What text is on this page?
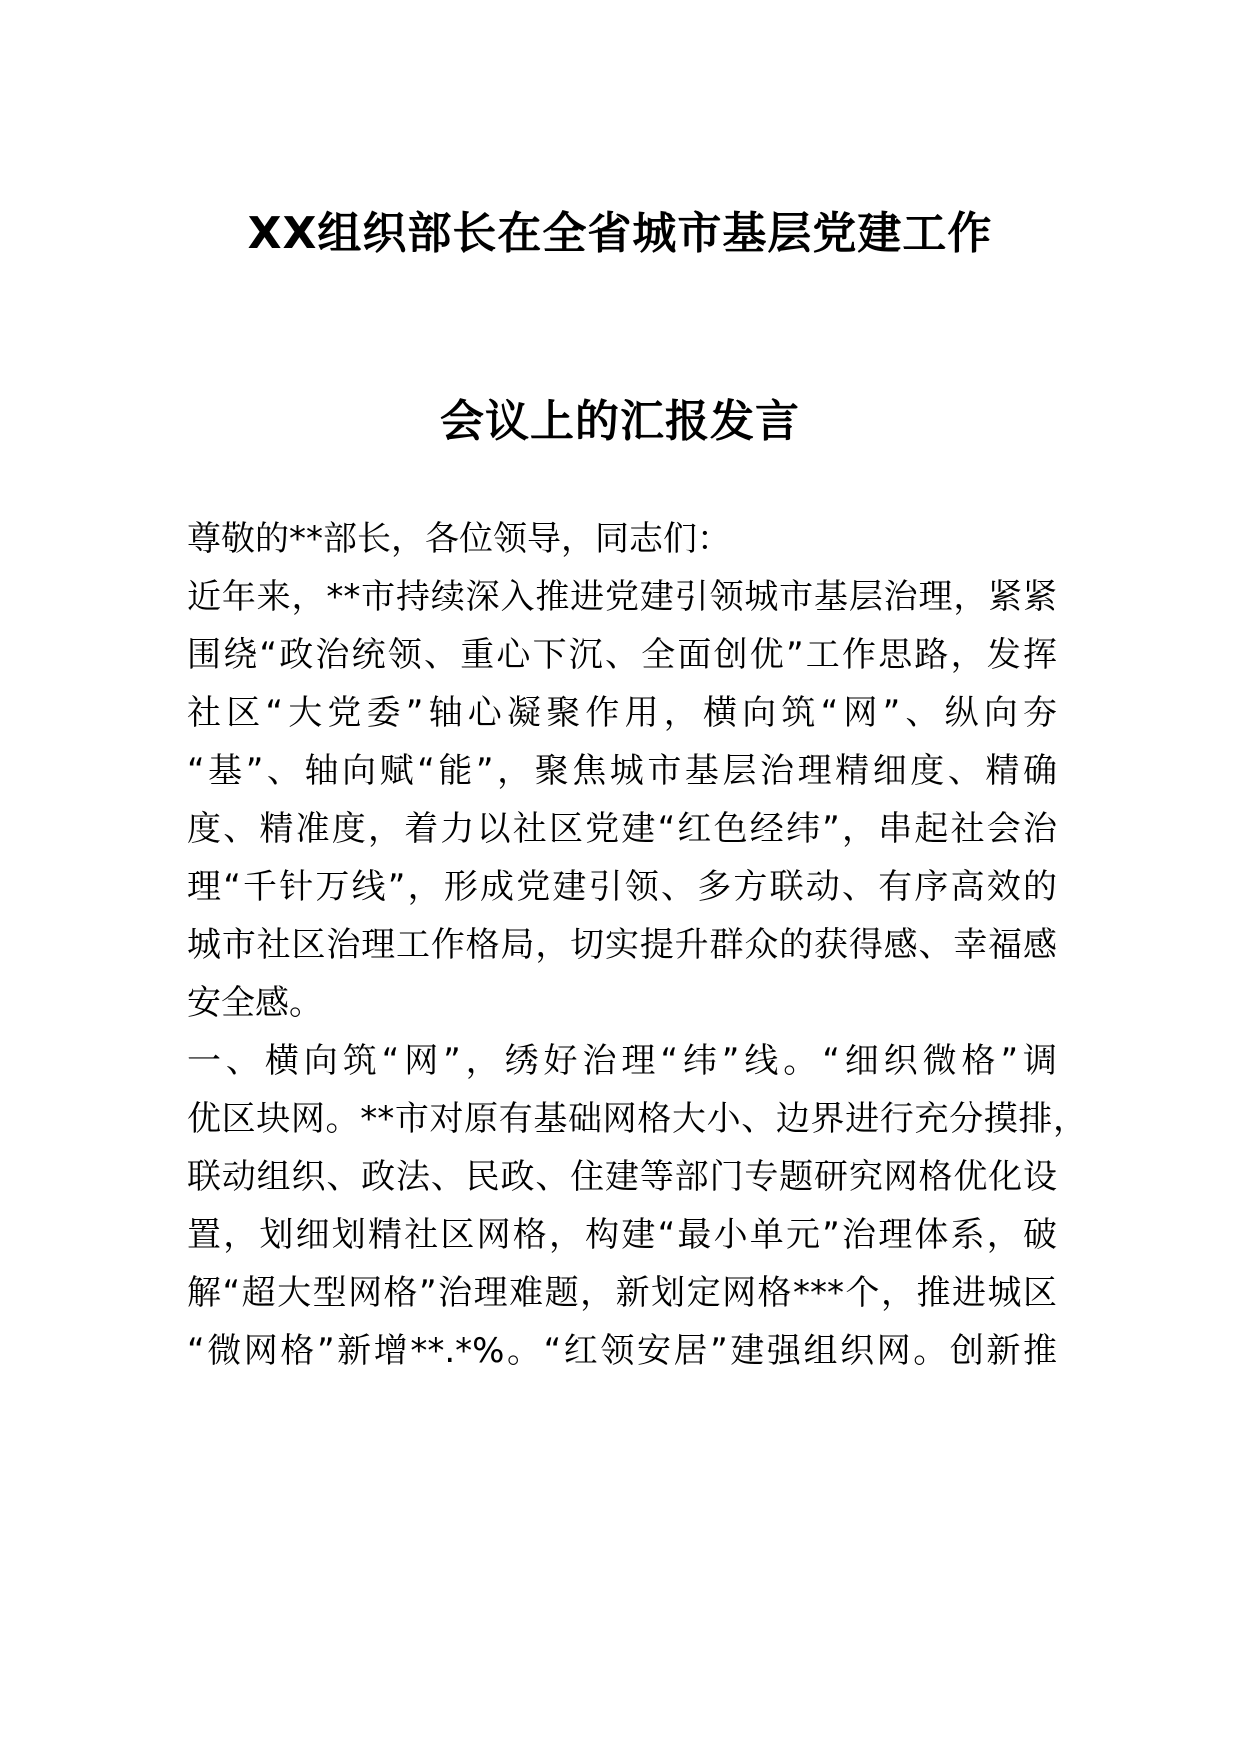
XX组织部长在全省城市基层党建工作
会议上的汇报发言
尊敬的**部长，各位领导，同志们：
近年来，**市持续深入推进党建引领城市基层治理，紧紧
围绕“政治统领、重心下沉、全面创优”工作思路，发挥
社区“大党委”轴心凝聚作用，横向筑“网”、纵向夯
“基”、轴向赋“能”，聚焦城市基层治理精细度、精确
度、精准度，着力以社区党建“红色经纬”，串起社会治
理“千针万线”，形成党建引领、多方联动、有序高效的
城市社区治理工作格局，切实提升群众的获得感、幸福感
安全感。
一、横向筑“网”，绣好治理“纬”线。“细织微格”调
优区块网。**市对原有基础网格大小、边界进行充分摸排，
联动组织、政法、民政、住建等部门专题研究网格优化设
置，划细划精社区网格，构建“最小单元”治理体系，破
解“超大型网格”治理难题，新划定网格***个，推进城区
“微网格”新增**.*%。“红领安居”建强组织网。创新推
